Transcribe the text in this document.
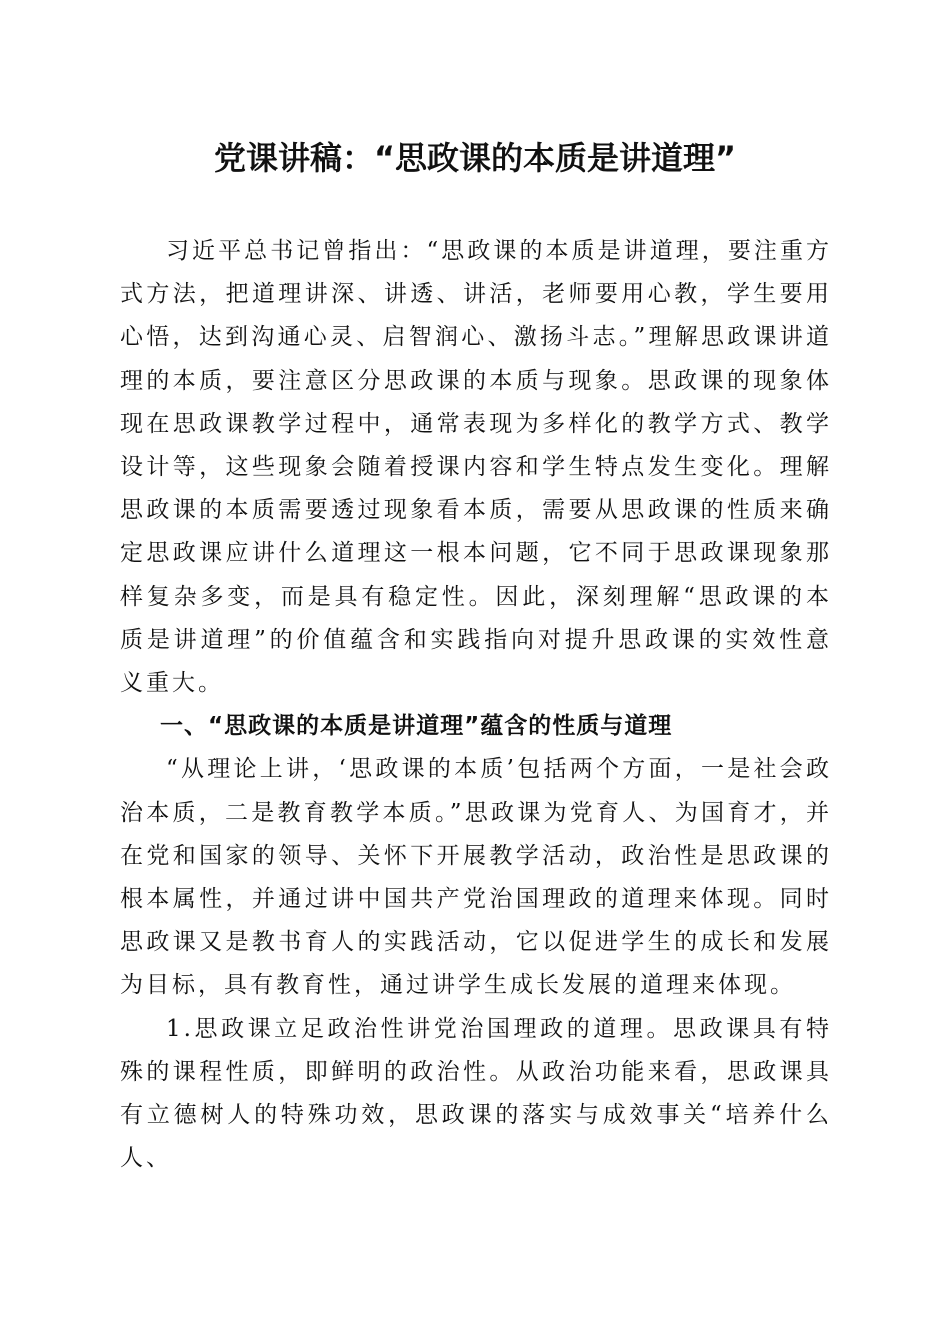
党课讲稿：“思政课的本质是讲道理”

习近平总书记曾指出：“思政课的本质是讲道理，要注重方式方法，把道理讲深、讲透、讲活，老师要用心教，学生要用心悟，达到沟通心灵、启智润心、激扬斗志。”理解思政课讲道理的本质，要注意区分思政课的本质与现象。思政课的现象体现在思政课教学过程中，通常表现为多样化的教学方式、教学设计等，这些现象会随着授课内容和学生特点发生变化。理解思政课的本质需要透过现象看本质，需要从思政课的性质来确定思政课应讲什么道理这一根本问题，它不同于思政课现象那样复杂多变，而是具有稳定性。因此，深刻理解“思政课的本质是讲道理”的价值蕴含和实践指向对提升思政课的实效性意义重大。

一、“思政课的本质是讲道理”蕴含的性质与道理

“从理论上讲，‘思政课的本质’包括两个方面，一是社会政治本质，二是教育教学本质。”思政课为党育人、为国育才，并在党和国家的领导、关怀下开展教学活动，政治性是思政课的根本属性，并通过讲中国共产党治国理政的道理来体现。同时思政课又是教书育人的实践活动，它以促进学生的成长和发展为目标，具有教育性，通过讲学生成长发展的道理来体现。

1.思政课立足政治性讲党治国理政的道理。思政课具有特殊的课程性质，即鲜明的政治性。从政治功能来看，思政课具有立德树人的特殊功效，思政课的落实与成效事关“培养什么人、
